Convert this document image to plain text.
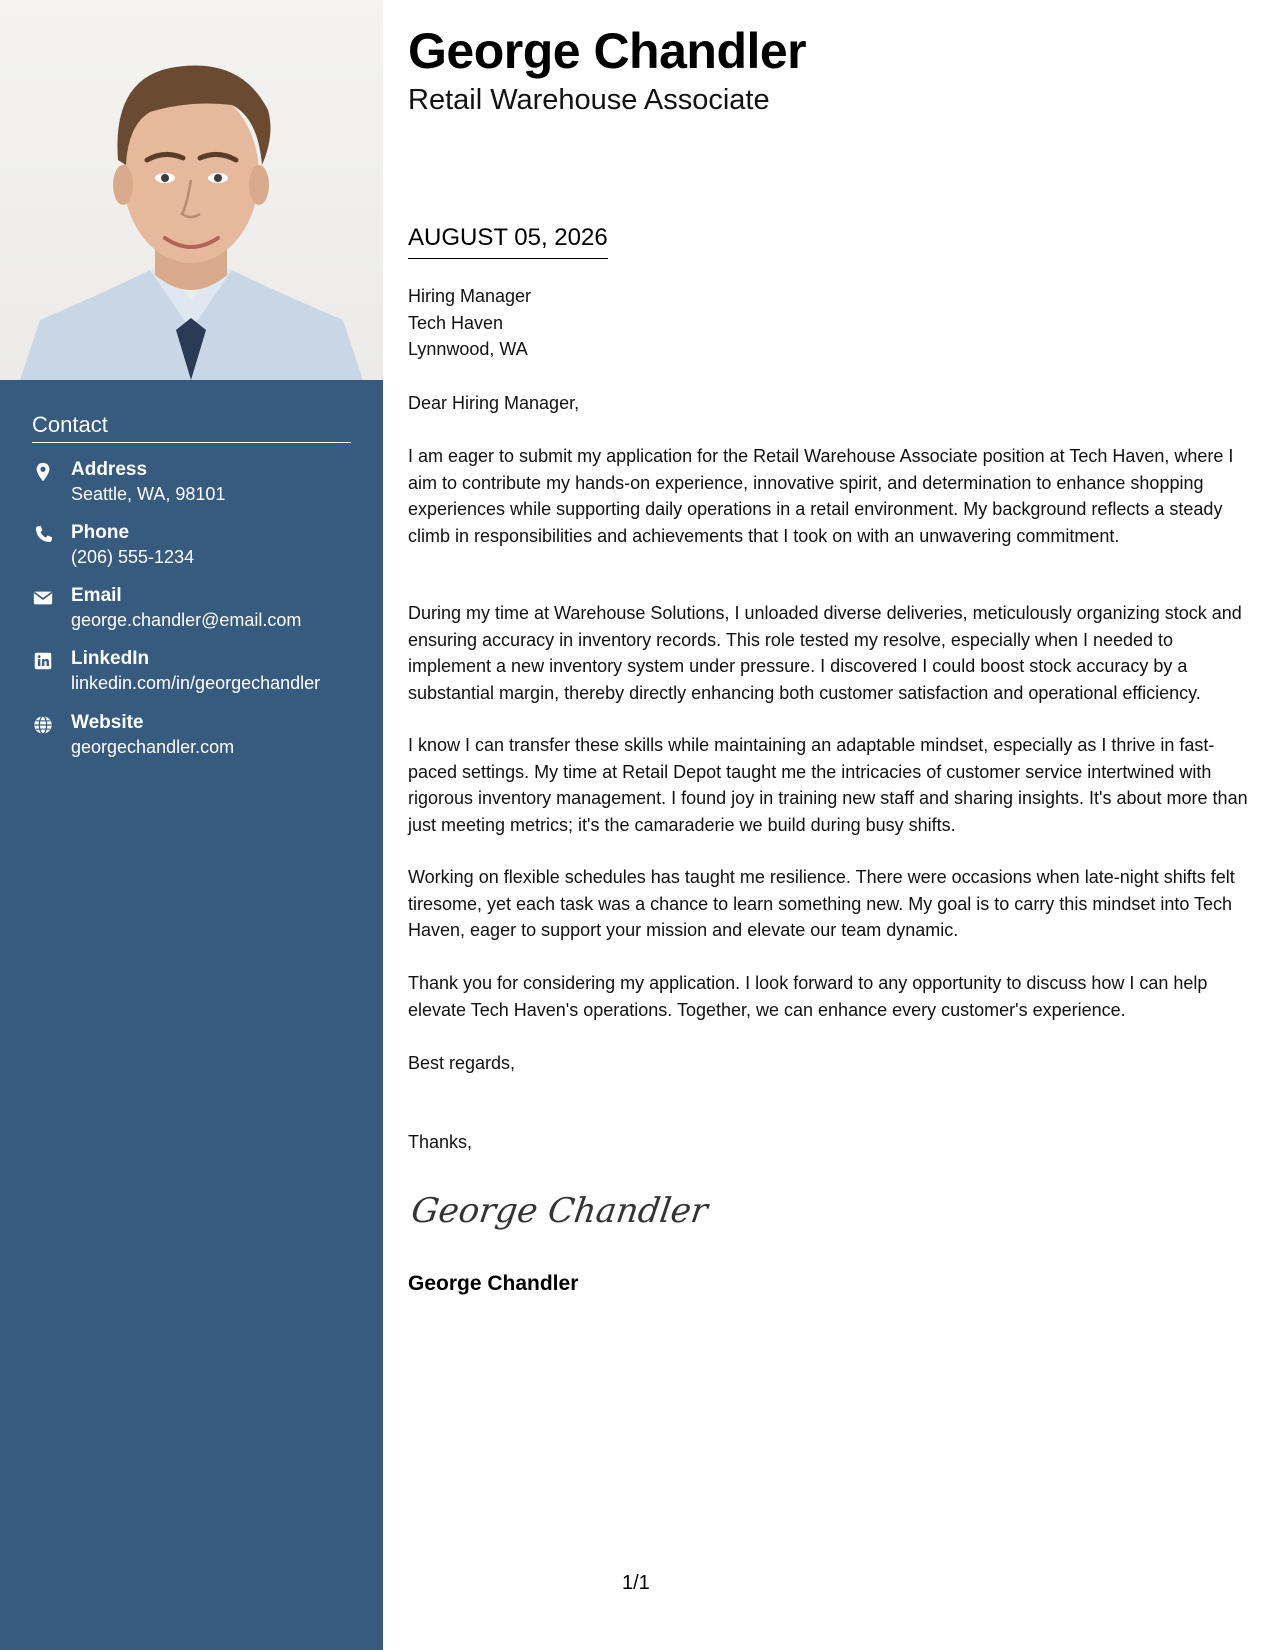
Contact
Address
Seattle, WA, 98101
Phone
(206) 555-1234
Email
george.chandler@email.com
LinkedIn
linkedin.com/in/georgechandler
Website
georgechandler.com
George Chandler
Retail Warehouse Associate
AUGUST 05, 2026
Hiring Manager
Tech Haven
Lynnwood, WA
Dear Hiring Manager,
I am eager to submit my application for the Retail Warehouse Associate position at Tech Haven, where I aim to contribute my hands-on experience, innovative spirit, and determination to enhance shopping experiences while supporting daily operations in a retail environment. My background reflects a steady climb in responsibilities and achievements that I took on with an unwavering commitment.
During my time at Warehouse Solutions, I unloaded diverse deliveries, meticulously organizing stock and ensuring accuracy in inventory records. This role tested my resolve, especially when I needed to implement a new inventory system under pressure. I discovered I could boost stock accuracy by a substantial margin, thereby directly enhancing both customer satisfaction and operational efficiency.
I know I can transfer these skills while maintaining an adaptable mindset, especially as I thrive in fast-paced settings. My time at Retail Depot taught me the intricacies of customer service intertwined with rigorous inventory management. I found joy in training new staff and sharing insights. It's about more than just meeting metrics; it's the camaraderie we build during busy shifts.
Working on flexible schedules has taught me resilience. There were occasions when late-night shifts felt tiresome, yet each task was a chance to learn something new. My goal is to carry this mindset into Tech Haven, eager to support your mission and elevate our team dynamic.
Thank you for considering my application. I look forward to any opportunity to discuss how I can help elevate Tech Haven's operations. Together, we can enhance every customer's experience.
Best regards,
Thanks,
George Chandler
George Chandler
1/1
